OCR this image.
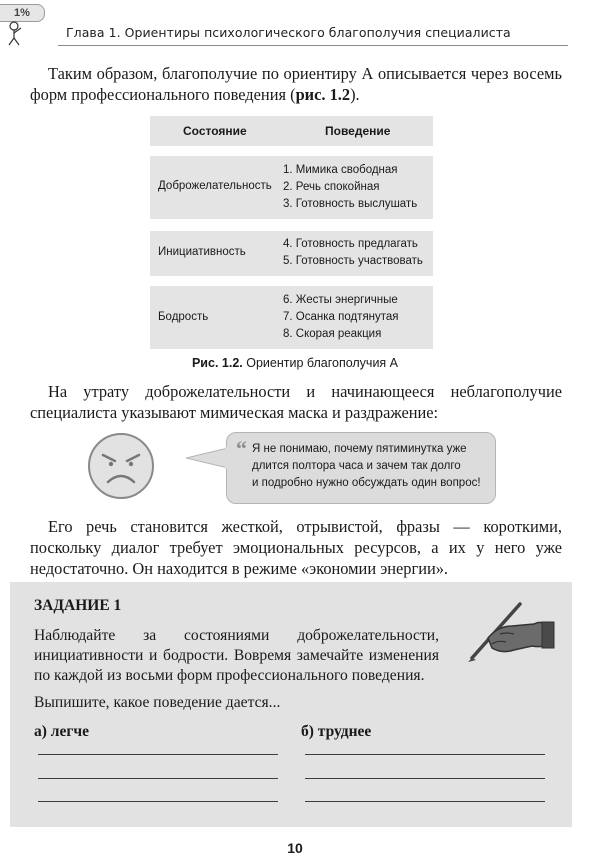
1%
Глава 1. Ориентиры психологического благополучия специалиста
Таким образом, благополучие по ориентиру А описывается через восемь форм профессионального поведения (рис. 1.2).
Состояние	Поведение
Доброжелательность
1. Мимика свободная
2. Речь спокойная
3. Готовность выслушать
Инициативность
4. Готовность предлагать
5. Готовность участвовать
Бодрость
6. Жесты энергичные
7. Осанка подтянутая
8. Скорая реакция
Рис. 1.2. Ориентир благополучия А
На утрату доброжелательности и начинающееся неблагополучие специалиста указывают мимическая маска и раздражение:
“ Я не понимаю, почему пятиминутка уже
длится полтора часа и зачем так долго
и подробно нужно обсуждать один вопрос!
Его речь становится жесткой, отрывистой, фразы — короткими, поскольку диалог требует эмоциональных ресурсов, а их у него уже недостаточно. Он находится в режиме «экономии энергии».
ЗАДАНИЕ 1
Наблюдайте за состояниями доброжелательности, инициативности и бодрости. Вовремя замечайте изменения по каждой из восьми форм профессионального поведения.
Выпишите, какое поведение дается...
а) легче	б) труднее
10
